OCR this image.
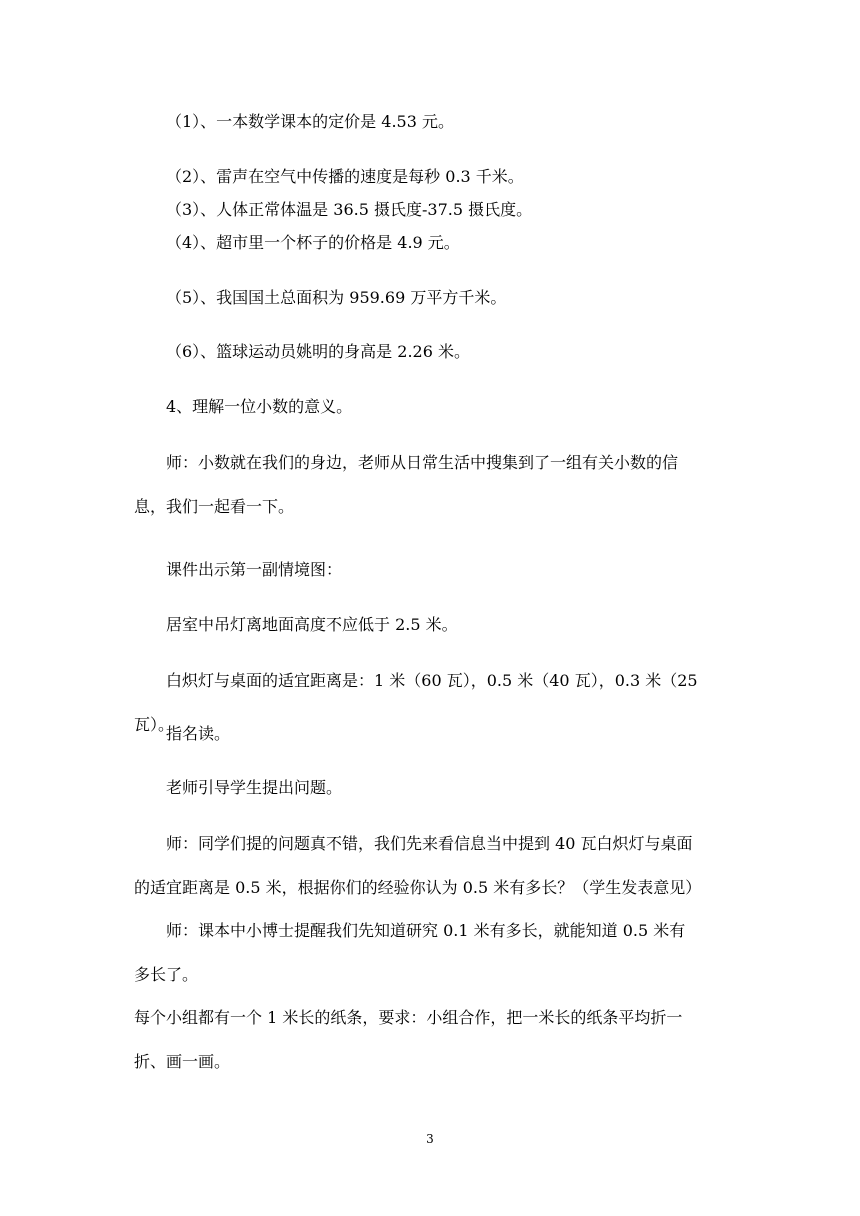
（1）、一本数学课本的定价是 4.53 元。
（2）、雷声在空气中传播的速度是每秒 0.3 千米。
（3）、人体正常体温是 36.5 摄氏度-37.5 摄氏度。
（4）、超市里一个杯子的价格是 4.9 元。
（5）、我国国土总面积为 959.69 万平方千米。
（6）、篮球运动员姚明的身高是 2.26 米。
4、理解一位小数的意义。
师：小数就在我们的身边，老师从日常生活中搜集到了一组有关小数的信息，我们一起看一下。
课件出示第一副情境图：
居室中吊灯离地面高度不应低于 2.5 米。
白炽灯与桌面的适宜距离是：1 米（60 瓦），0.5 米（40 瓦），0.3 米（25 瓦）。
指名读。
老师引导学生提出问题。
师：同学们提的问题真不错，我们先来看信息当中提到 40 瓦白炽灯与桌面的适宜距离是 0.5 米，根据你们的经验你认为 0.5 米有多长？（学生发表意见）
师：课本中小博士提醒我们先知道研究 0.1 米有多长，就能知道 0.5 米有多长了。
每个小组都有一个 1 米长的纸条，要求：小组合作，把一米长的纸条平均折一折、画一画。
3
